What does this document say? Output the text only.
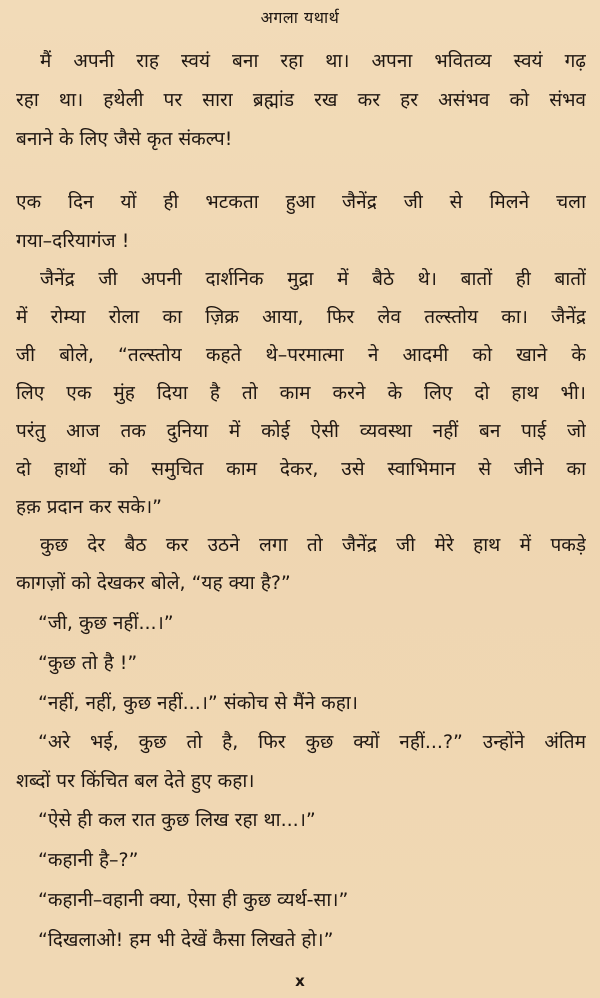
अगला यथार्थ
मैं अपनी राह स्वयं बना रहा था। अपना भवितव्य स्वयं गढ़
रहा था। हथेली पर सारा ब्रह्मांड रख कर हर असंभव को संभव
बनाने के लिए जैसे कृत संकल्प!
एक दिन यों ही भटकता हुआ जैनेंद्र जी से मिलने चला
गया–दरियागंज !
जैनेंद्र जी अपनी दार्शनिक मुद्रा में बैठे थे। बातों ही बातों
में रोम्या रोला का ज़िक्र आया, फिर लेव तल्स्तोय का। जैनेंद्र
जी बोले, “तल्स्तोय कहते थे–परमात्मा ने आदमी को खाने के
लिए एक मुंह दिया है तो काम करने के लिए दो हाथ भी।
परंतु आज तक दुनिया में कोई ऐसी व्यवस्था नहीं बन पाई जो
दो हाथों को समुचित काम देकर, उसे स्वाभिमान से जीने का
हक़ प्रदान कर सके।”
कुछ देर बैठ कर उठने लगा तो जैनेंद्र जी मेरे हाथ में पकड़े
कागज़ों को देखकर बोले, “यह क्या है?”
“जी, कुछ नहीं...।”
“कुछ तो है !”
“नहीं, नहीं, कुछ नहीं...।” संकोच से मैंने कहा।
“अरे भई, कुछ तो है, फिर कुछ क्यों नहीं...?” उन्होंने अंतिम
शब्दों पर किंचित बल देते हुए कहा।
“ऐसे ही कल रात कुछ लिख रहा था...।”
“कहानी है–?”
“कहानी–वहानी क्या, ऐसा ही कुछ व्यर्थ-सा।”
“दिखलाओ! हम भी देखें कैसा लिखते हो।”
x
